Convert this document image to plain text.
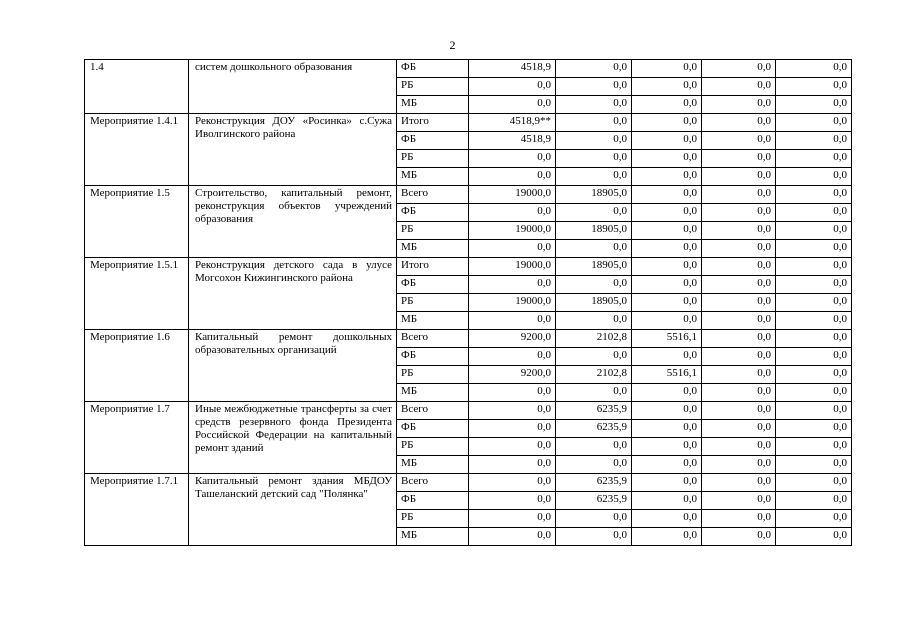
2
1.4	систем дошкольного образования	ФБ	4518,9	0,0	0,0	0,0	0,0
		РБ	0,0	0,0	0,0	0,0	0,0
		МБ	0,0	0,0	0,0	0,0	0,0
Мероприятие 1.4.1	Реконструкция ДОУ «Росинка» с.Сужа Иволгинского района	Итого	4518,9**	0,0	0,0	0,0	0,0
		ФБ	4518,9	0,0	0,0	0,0	0,0
		РБ	0,0	0,0	0,0	0,0	0,0
		МБ	0,0	0,0	0,0	0,0	0,0
Мероприятие 1.5	Строительство, капитальный ремонт, реконструкция объектов учреждений образования	Всего	19000,0	18905,0	0,0	0,0	0,0
		ФБ	0,0	0,0	0,0	0,0	0,0
		РБ	19000,0	18905,0	0,0	0,0	0,0
		МБ	0,0	0,0	0,0	0,0	0,0
Мероприятие 1.5.1	Реконструкция детского сада в улусе Могсохон Кижингинского района	Итого	19000,0	18905,0	0,0	0,0	0,0
		ФБ	0,0	0,0	0,0	0,0	0,0
		РБ	19000,0	18905,0	0,0	0,0	0,0
		МБ	0,0	0,0	0,0	0,0	0,0
Мероприятие 1.6	Капитальный ремонт дошкольных образовательных организаций	Всего	9200,0	2102,8	5516,1	0,0	0,0
		ФБ	0,0	0,0	0,0	0,0	0,0
		РБ	9200,0	2102,8	5516,1	0,0	0,0
		МБ	0,0	0,0	0,0	0,0	0,0
Мероприятие 1.7	Иные межбюджетные трансферты за счет средств резервного фонда Президента Российской Федерации на капитальный ремонт зданий	Всего	0,0	6235,9	0,0	0,0	0,0
		ФБ	0,0	6235,9	0,0	0,0	0,0
		РБ	0,0	0,0	0,0	0,0	0,0
		МБ	0,0	0,0	0,0	0,0	0,0
Мероприятие 1.7.1	Капитальный ремонт здания МБДОУ Ташеланский детский сад "Полянка"	Всего	0,0	6235,9	0,0	0,0	0,0
		ФБ	0,0	6235,9	0,0	0,0	0,0
		РБ	0,0	0,0	0,0	0,0	0,0
		МБ	0,0	0,0	0,0	0,0	0,0
